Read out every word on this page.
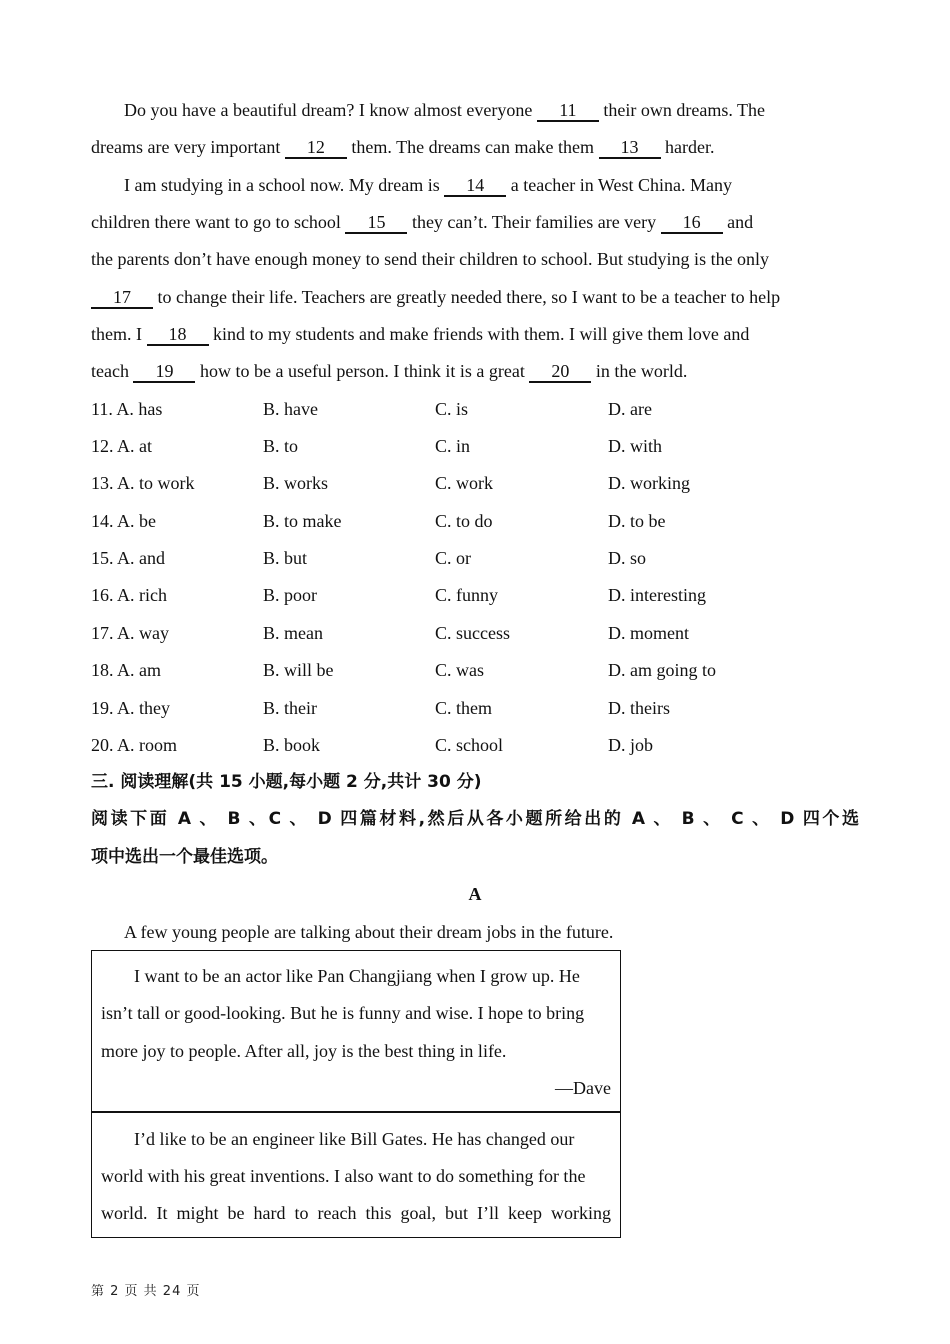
Do you have a beautiful dream? I know almost everyone 11 their own dreams. The
dreams are very important 12 them. The dreams can make them 13 harder.
I am studying in a school now. My dream is 14 a teacher in West China. Many
children there want to go to school 15 they can’t. Their families are very 16 and
the parents don’t have enough money to send their children to school. But studying is the only
17 to change their life. Teachers are greatly needed there, so I want to be a teacher to help
them. I 18 kind to my students and make friends with them. I will give them love and
teach 19 how to be a useful person. I think it is a great 20 in the world.
11. A. has	B. have	C. is	D. are
12. A. at	B. to	C. in	D. with
13. A. to work	B. works	C. work	D. working
14. A. be	B. to make	C. to do	D. to be
15. A. and	B. but	C. or	D. so
16. A. rich	B. poor	C. funny	D. interesting
17. A. way	B. mean	C. success	D. moment
18. A. am	B. will be	C. was	D. am going to
19. A. they	B. their	C. them	D. theirs
20. A. room	B. book	C. school	D. job
三. 阅读理解(共 15 小题,每小题 2 分,共计 30 分)
阅读下面 A 、 B 、C 、 D 四篇材料,然后从各小题所给出的 A 、 B 、 C 、 D 四个选
项中选出一个最佳选项。
A
A few young people are talking about their dream jobs in the future.
I want to be an actor like Pan Changjiang when I grow up. He
isn’t tall or good-looking. But he is funny and wise. I hope to bring
more joy to people. After all, joy is the best thing in life.
—Dave
I’d like to be an engineer like Bill Gates. He has changed our
world with his great inventions. I also want to do something for the
world. It might be hard to reach this goal, but I’ll keep working
第 2 页 共 24 页
